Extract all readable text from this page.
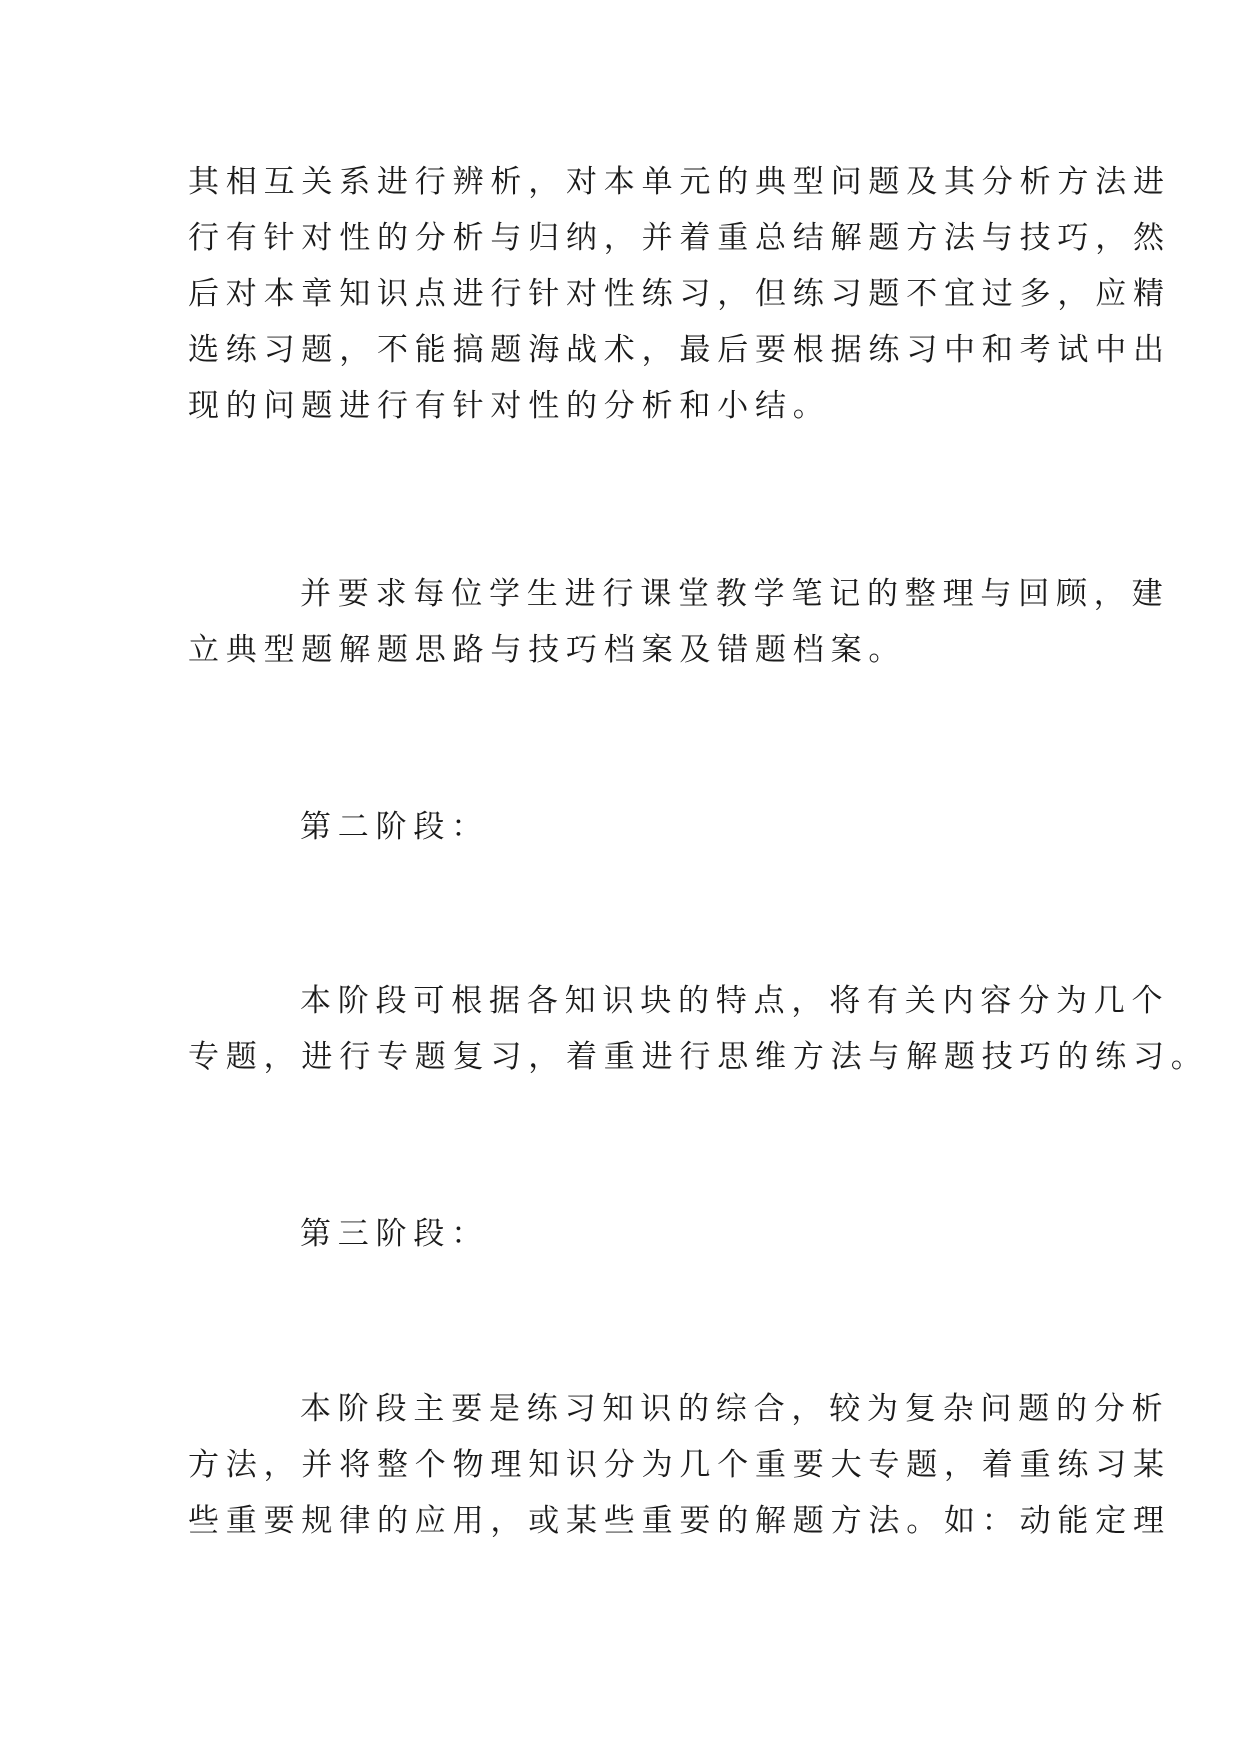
其相互关系进行辨析，对本单元的典型问题及其分析方法进
行有针对性的分析与归纳，并着重总结解题方法与技巧，然
后对本章知识点进行针对性练习，但练习题不宜过多，应精
选练习题，不能搞题海战术，最后要根据练习中和考试中出
现的问题进行有针对性的分析和小结。

并要求每位学生进行课堂教学笔记的整理与回顾，建
立典型题解题思路与技巧档案及错题档案。

第二阶段：

本阶段可根据各知识块的特点，将有关内容分为几个
专题，进行专题复习，着重进行思维方法与解题技巧的练习。

第三阶段：

本阶段主要是练习知识的综合，较为复杂问题的分析
方法，并将整个物理知识分为几个重要大专题，着重练习某
些重要规律的应用，或某些重要的解题方法。如：动能定理
